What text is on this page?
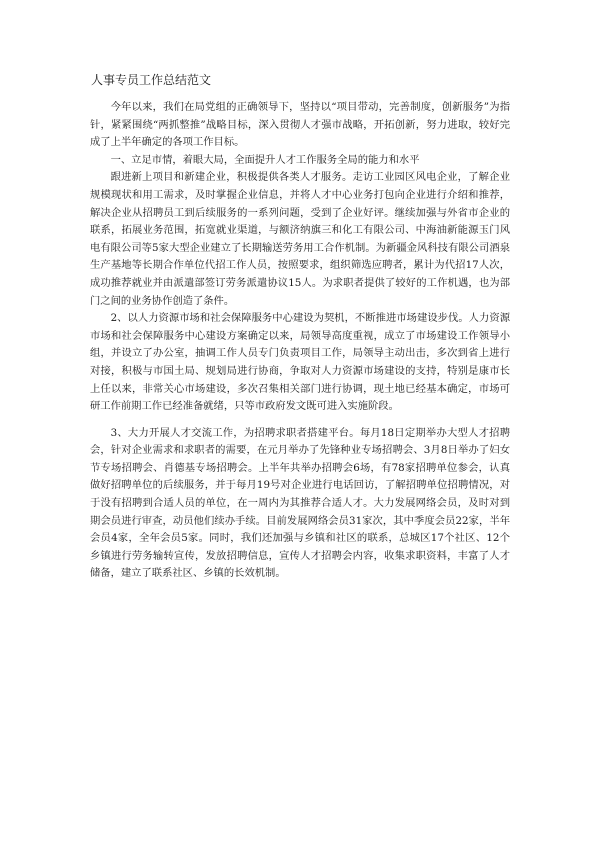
人事专员工作总结范文

今年以来，我们在局党组的正确领导下，坚持以“项目带动，完善制度，创新服务”为指针，紧紧围绕“两抓整推”战略目标，深入贯彻人才强市战略，开拓创新，努力进取，较好完成了上半年确定的各项工作目标。

一、立足市情，着眼大局，全面提升人才工作服务全局的能力和水平

跟进新上项目和新建企业，积极提供各类人才服务。走访工业园区风电企业，了解企业规模现状和用工需求，及时掌握企业信息，并将人才中心业务打包向企业进行介绍和推荐，解决企业从招聘员工到后续服务的一系列问题，受到了企业好评。继续加强与外省市企业的联系，拓展业务范围，拓宽就业渠道，与额济纳旗三和化工有限公司、中海油新能源玉门风电有限公司等5家大型企业建立了长期输送劳务用工合作机制。为新疆金风科技有限公司酒泉生产基地等长期合作单位代招工作人员，按照要求，组织筛选应聘者，累计为代招17人次，成功推荐就业并由派遣部签订劳务派遣协议15人。为求职者提供了较好的工作机遇，也为部门之间的业务协作创造了条件。

2、以人力资源市场和社会保障服务中心建设为契机，不断推进市场建设步伐。人力资源市场和社会保障服务中心建设方案确定以来，局领导高度重视，成立了市场建设工作领导小组，并设立了办公室，抽调工作人员专门负责项目工作，局领导主动出击，多次到省上进行对接，积极与市国土局、规划局进行协商，争取对人力资源市场建设的支持，特别是康市长上任以来，非常关心市场建设，多次召集相关部门进行协调，现土地已经基本确定，市场可研工作前期工作已经准备就绪，只等市政府发文既可进入实施阶段。

3、大力开展人才交流工作，为招聘求职者搭建平台。每月18日定期举办大型人才招聘会，针对企业需求和求职者的需要，在元月举办了先锋种业专场招聘会、3月8日举办了妇女节专场招聘会、肖德基专场招聘会。上半年共举办招聘会6场，有78家招聘单位参会，认真做好招聘单位的后续服务，并于每月19号对企业进行电话回访，了解招聘单位招聘情况，对于没有招聘到合适人员的单位，在一周内为其推荐合适人才。大力发展网络会员，及时对到期会员进行审查，动员他们续办手续。目前发展网络会员31家次，其中季度会员22家，半年会员4家，全年会员5家。同时，我们还加强与乡镇和社区的联系，总城区17个社区、12个乡镇进行劳务输转宣传，发放招聘信息，宣传人才招聘会内容，收集求职资料，丰富了人才储备，建立了联系社区、乡镇的长效机制。
